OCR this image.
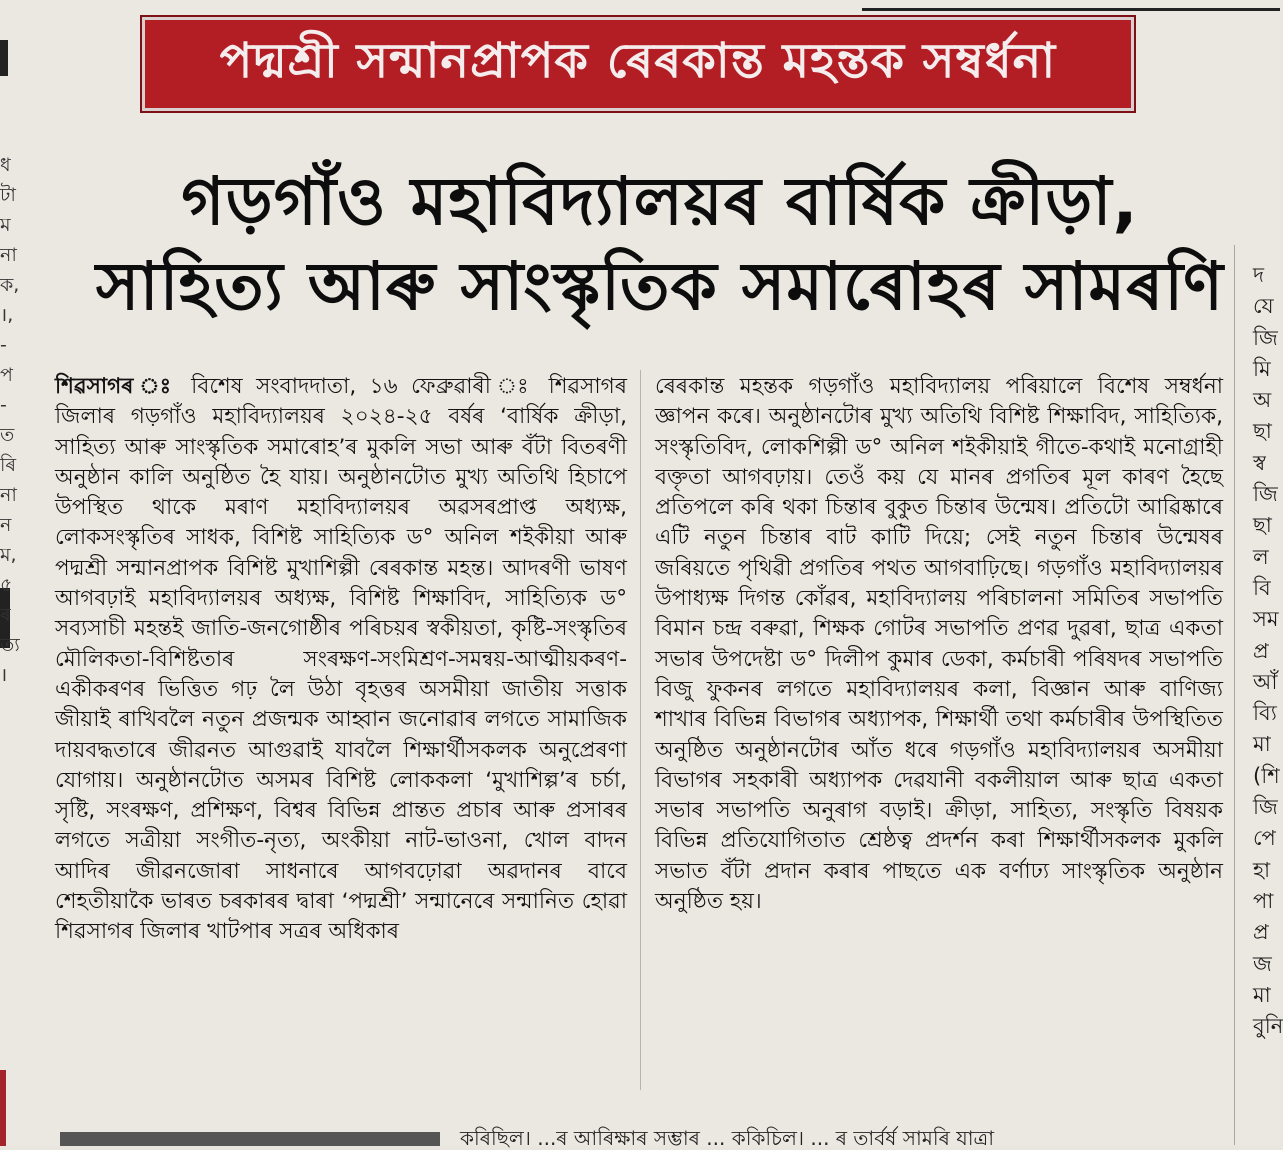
ধ
টা
ম
না
ক,
।,
-
প
-
ত
ৰি
না
ন
ম,
৫
ৰ
ত্য
।
পদ্মশ্ৰী সন্মানপ্ৰাপক ৰেৰকান্ত মহন্তক সম্বৰ্ধনা
গড়গাঁও মহাবিদ্যালয়ৰ বাৰ্ষিক ক্ৰীড়া,
সাহিত্য আৰু সাংস্কৃতিক সমাৰোহৰ সামৰণি
শিৱসাগৰ ঃ বিশেষ সংবাদদাতা, ১৬ ফেব্ৰুৱাৰী ঃ শিৱসাগৰ জিলাৰ গড়গাঁও মহাবিদ্যালয়ৰ ২০২৪-২৫ বৰ্ষৰ ‘বাৰ্ষিক ক্ৰীড়া, সাহিত্য আৰু সাংস্কৃতিক সমাৰোহ’ৰ মুকলি সভা আৰু বঁটা বিতৰণী অনুষ্ঠান কালি অনুষ্ঠিত হৈ যায়। অনুষ্ঠানটোত মুখ্য অতিথি হিচাপে উপস্থিত থাকে মৰাণ মহাবিদ্যালয়ৰ অৱসৰপ্ৰাপ্ত অধ্যক্ষ, লোকসংস্কৃতিৰ সাধক, বিশিষ্ট সাহিত্যিক ড° অনিল শইকীয়া আৰু পদ্মশ্ৰী সন্মানপ্ৰাপক বিশিষ্ট মুখাশিল্পী ৰেৰকান্ত মহন্ত। আদৰণী ভাষণ আগবঢ়াই মহাবিদ্যালয়ৰ অধ্যক্ষ, বিশিষ্ট শিক্ষাবিদ, সাহিত্যিক ড° সব্যসাচী মহন্তই জাতি-জনগোষ্ঠীৰ পৰিচয়ৰ স্বকীয়তা, কৃষ্টি-সংস্কৃতিৰ মৌলিকতা-বিশিষ্টতাৰ সংৰক্ষণ-সংমিশ্ৰণ-সমন্বয়-আত্মীয়কৰণ-একীকৰণৰ ভিত্তিত গঢ় লৈ উঠা বৃহত্তৰ অসমীয়া জাতীয় সত্তাক জীয়াই ৰাখিবলৈ নতুন প্ৰজন্মক আহ্বান জনোৱাৰ লগতে সামাজিক দায়বদ্ধতাৰে জীৱনত আগুৱাই যাবলৈ শিক্ষাৰ্থীসকলক অনুপ্ৰেৰণা যোগায়। অনুষ্ঠানটোত অসমৰ বিশিষ্ট লোককলা ‘মুখাশিল্প’ৰ চৰ্চা, সৃষ্টি, সংৰক্ষণ, প্ৰশিক্ষণ, বিশ্বৰ বিভিন্ন প্ৰান্তত প্ৰচাৰ আৰু প্ৰসাৰৰ লগতে সত্ৰীয়া সংগীত-নৃত্য, অংকীয়া নাট-ভাওনা, খোল বাদন আদিৰ জীৱনজোৰা সাধনাৰে আগবঢ়োৱা অৱদানৰ বাবে শেহতীয়াকৈ ভাৰত চৰকাৰৰ দ্বাৰা ‘পদ্মশ্ৰী’ সন্মানেৰে সন্মানিত হোৱা শিৱসাগৰ জিলাৰ খাটপাৰ সত্ৰৰ অধিকাৰ
ৰেৰকান্ত মহন্তক গড়গাঁও মহাবিদ্যালয় পৰিয়ালে বিশেষ সম্বৰ্ধনা জ্ঞাপন কৰে। অনুষ্ঠানটোৰ মুখ্য অতিথি বিশিষ্ট শিক্ষাবিদ, সাহিত্যিক, সংস্কৃতিবিদ, লোকশিল্পী ড° অনিল শইকীয়াই গীতে-কথাই মনোগ্ৰাহী বক্তৃতা আগবঢ়ায়। তেওঁ কয় যে মানৰ প্ৰগতিৰ মূল কাৰণ হৈছে প্ৰতিপলে কৰি থকা চিন্তাৰ বুকুত চিন্তাৰ উন্মেষ। প্ৰতিটো আৱিষ্কাৰে এটি নতুন চিন্তাৰ বাট কাটি দিয়ে; সেই নতুন চিন্তাৰ উন্মেষৰ জৰিয়তে পৃথিৱী প্ৰগতিৰ পথত আগবাঢ়িছে। গড়গাঁও মহাবিদ্যালয়ৰ উপাধ্যক্ষ দিগন্ত কোঁৱৰ, মহাবিদ্যালয় পৰিচালনা সমিতিৰ সভাপতি বিমান চন্দ্ৰ বৰুৱা, শিক্ষক গোটৰ সভাপতি প্ৰণৱ দুৱৰা, ছাত্ৰ একতা সভাৰ উপদেষ্টা ড° দিলীপ কুমাৰ ডেকা, কৰ্মচাৰী পৰিষদৰ সভাপতি বিজু ফুকনৰ লগতে মহাবিদ্যালয়ৰ কলা, বিজ্ঞান আৰু বাণিজ্য শাখাৰ বিভিন্ন বিভাগৰ অধ্যাপক, শিক্ষাৰ্থী তথা কৰ্মচাৰীৰ উপস্থিতিত অনুষ্ঠিত অনুষ্ঠানটোৰ আঁত ধৰে গড়গাঁও মহাবিদ্যালয়ৰ অসমীয়া বিভাগৰ সহকাৰী অধ্যাপক দেৱযানী বকলীয়াল আৰু ছাত্ৰ একতা সভাৰ সভাপতি অনুৰাগ বড়াই। ক্ৰীড়া, সাহিত্য, সংস্কৃতি বিষয়ক বিভিন্ন প্ৰতিযোগিতাত শ্ৰেষ্ঠত্ব প্ৰদৰ্শন কৰা শিক্ষাৰ্থীসকলক মুকলি সভাত বঁটা প্ৰদান কৰাৰ পাছতে এক বৰ্ণাঢ্য সাংস্কৃতিক অনুষ্ঠান অনুষ্ঠিত হয়।
দ
যে
জি
মি
অ
ছা
স্ব
জি
ছা
ল
বি
সম
প্ৰ
আঁ
ব্যি
মা
(শি
জি
পে
হা
পা
প্ৰ
জ
মা
বুনি
কৰিছিল। ...ৰ আৰিক্ষাৰ সম্ভাৰ ... ককিচিল। ... ৰ তাৰ্বৰ্ষ সামৰি যাত্ৰা
